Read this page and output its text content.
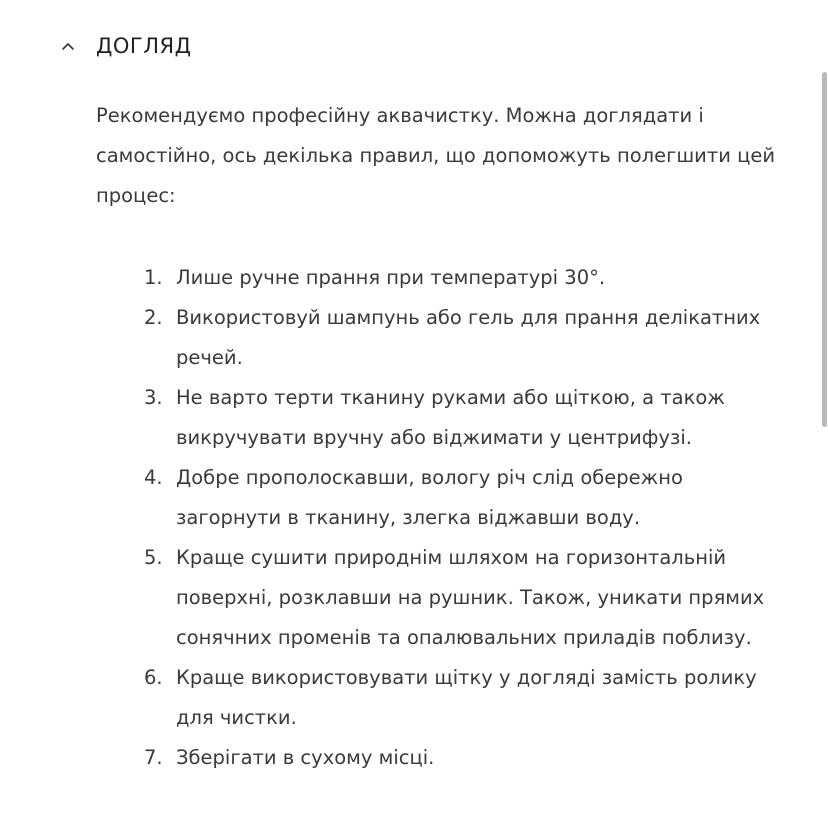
ДОГЛЯД

Рекомендуємо професійну аквачистку. Можна доглядати і самостійно, ось декілька правил, що допоможуть полегшити цей процес:

1. Лише ручне прання при температурі 30°.
2. Використовуй шампунь або гель для прання делікатних речей.
3. Не варто терти тканину руками або щіткою, а також викручувати вручну або віджимати у центрифузі.
4. Добре прополоскавши, вологу річ слід обережно загорнути в тканину, злегка віджавши воду.
5. Краще сушити природнім шляхом на горизонтальній поверхні, розклавши на рушник. Також, уникати прямих сонячних променів та опалювальних приладів поблизу.
6. Краще використовувати щітку у догляді замість ролику для чистки.
7. Зберігати в сухому місці.
